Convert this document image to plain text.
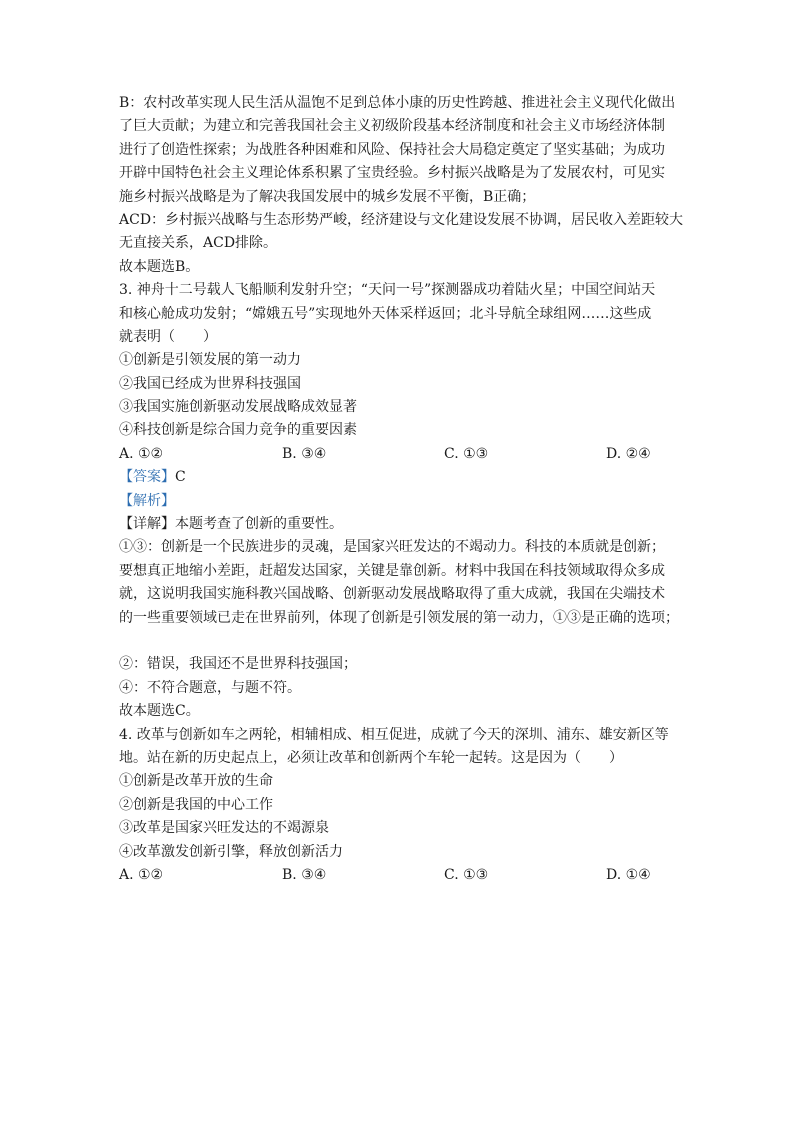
B：农村改革实现人民生活从温饱不足到总体小康的历史性跨越、推进社会主义现代化做出
了巨大贡献；为建立和完善我国社会主义初级阶段基本经济制度和社会主义市场经济体制
进行了创造性探索；为战胜各种困难和风险、保持社会大局稳定奠定了坚实基础；为成功
开辟中国特色社会主义理论体系积累了宝贵经验。乡村振兴战略是为了发展农村，可见实
施乡村振兴战略是为了解决我国发展中的城乡发展不平衡，B正确；
ACD：乡村振兴战略与生态形势严峻，经济建设与文化建设发展不协调，居民收入差距较大
无直接关系，ACD排除。
故本题选B。
3. 神舟十二号载人飞船顺利发射升空；“天问一号”探测器成功着陆火星；中国空间站天
和核心舱成功发射；“嫦娥五号”实现地外天体采样返回；北斗导航全球组网……这些成
就表明（　　）
①创新是引领发展的第一动力
②我国已经成为世界科技强国
③我国实施创新驱动发展战略成效显著
④科技创新是综合国力竞争的重要因素
A. ①②	B. ③④	C. ①③	D. ②④
【答案】C
【解析】
【详解】本题考查了创新的重要性。
①③：创新是一个民族进步的灵魂，是国家兴旺发达的不竭动力。科技的本质就是创新；
要想真正地缩小差距，赶超发达国家，关键是靠创新。材料中我国在科技领域取得众多成
就，这说明我国实施科教兴国战略、创新驱动发展战略取得了重大成就，我国在尖端技术
的一些重要领域已走在世界前列，体现了创新是引领发展的第一动力，①③是正确的选项；
②：错误，我国还不是世界科技强国；
④：不符合题意，与题不符。
故本题选C。
4. 改革与创新如车之两轮，相辅相成、相互促进，成就了今天的深圳、浦东、雄安新区等
地。站在新的历史起点上，必须让改革和创新两个车轮一起转。这是因为（　　）
①创新是改革开放的生命
②创新是我国的中心工作
③改革是国家兴旺发达的不竭源泉
④改革激发创新引擎，释放创新活力
A. ①②	B. ③④	C. ①③	D. ①④
